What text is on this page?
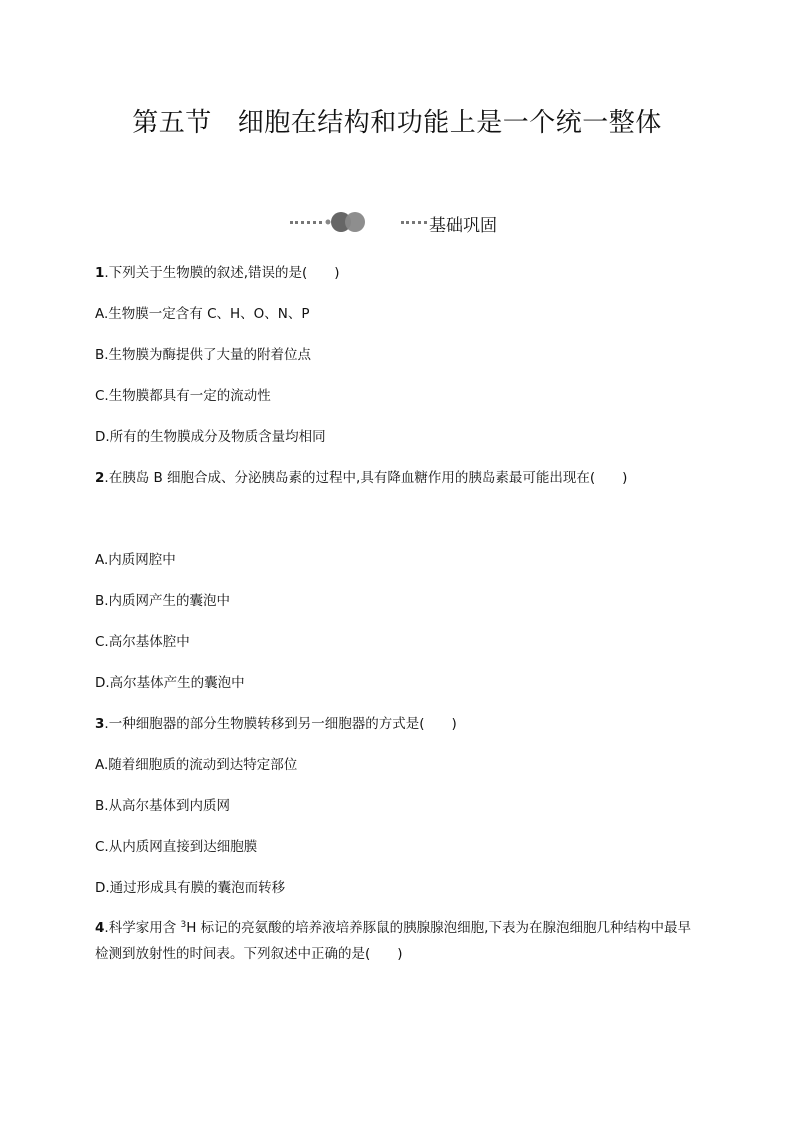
第五节 细胞在结构和功能上是一个统一整体
基础巩固
1.下列关于生物膜的叙述,错误的是(　　)
A.生物膜一定含有 C、H、O、N、P
B.生物膜为酶提供了大量的附着位点
C.生物膜都具有一定的流动性
D.所有的生物膜成分及物质含量均相同
2.在胰岛 B 细胞合成、分泌胰岛素的过程中,具有降血糖作用的胰岛素最可能出现在(　　)
A.内质网腔中
B.内质网产生的囊泡中
C.高尔基体腔中
D.高尔基体产生的囊泡中
3.一种细胞器的部分生物膜转移到另一细胞器的方式是(　　)
A.随着细胞质的流动到达特定部位
B.从高尔基体到内质网
C.从内质网直接到达细胞膜
D.通过形成具有膜的囊泡而转移
4.科学家用含 $^3$H 标记的亮氨酸的培养液培养豚鼠的胰腺腺泡细胞,下表为在腺泡细胞几种结构中最早检测到放射性的时间表。下列叙述中正确的是(　　)
